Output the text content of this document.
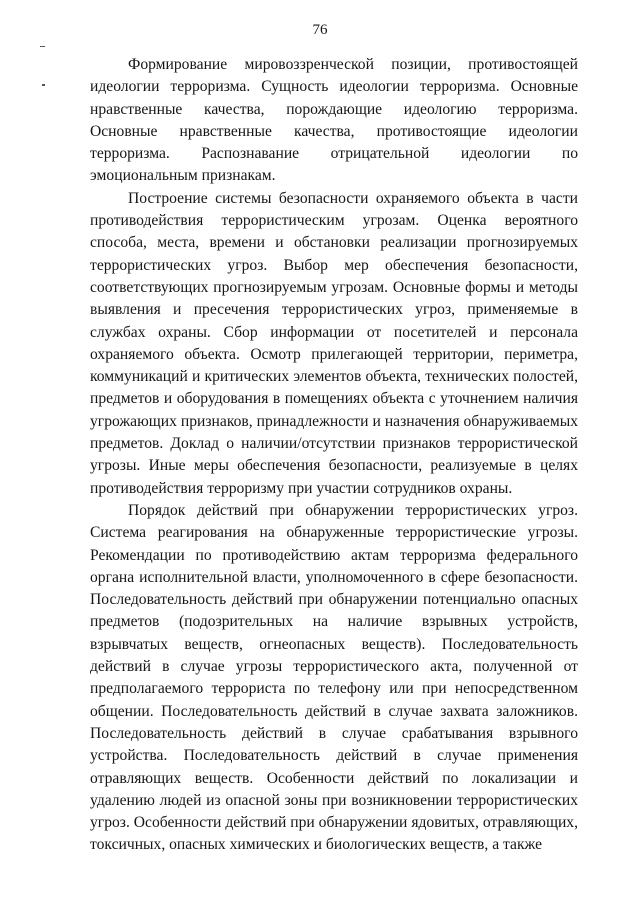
76

Формирование мировоззренческой позиции, противостоящей идеологии терроризма. Сущность идеологии терроризма. Основные нравственные качества, порождающие идеологию терроризма. Основные нравственные качества, противостоящие идеологии терроризма. Распознавание отрицательной идеологии по эмоциональным признакам.

Построение системы безопасности охраняемого объекта в части противодействия террористическим угрозам. Оценка вероятного способа, места, времени и обстановки реализации прогнозируемых террористических угроз. Выбор мер обеспечения безопасности, соответствующих прогнозируемым угрозам. Основные формы и методы выявления и пресечения террористических угроз, применяемые в службах охраны. Сбор информации от посетителей и персонала охраняемого объекта. Осмотр прилегающей территории, периметра, коммуникаций и критических элементов объекта, технических полостей, предметов и оборудования в помещениях объекта с уточнением наличия угрожающих признаков, принадлежности и назначения обнаруживаемых предметов. Доклад о наличии/отсутствии признаков террористической угрозы. Иные меры обеспечения безопасности, реализуемые в целях противодействия терроризму при участии сотрудников охраны.

Порядок действий при обнаружении террористических угроз. Система реагирования на обнаруженные террористические угрозы. Рекомендации по противодействию актам терроризма федерального органа исполнительной власти, уполномоченного в сфере безопасности. Последовательность действий при обнаружении потенциально опасных предметов (подозрительных на наличие взрывных устройств, взрывчатых веществ, огнеопасных веществ). Последовательность действий в случае угрозы террористического акта, полученной от предполагаемого террориста по телефону или при непосредственном общении. Последовательность действий в случае захвата заложников. Последовательность действий в случае срабатывания взрывного устройства. Последовательность действий в случае применения отравляющих веществ. Особенности действий по локализации и удалению людей из опасной зоны при возникновении террористических угроз. Особенности действий при обнаружении ядовитых, отравляющих, токсичных, опасных химических и биологических веществ, а также
